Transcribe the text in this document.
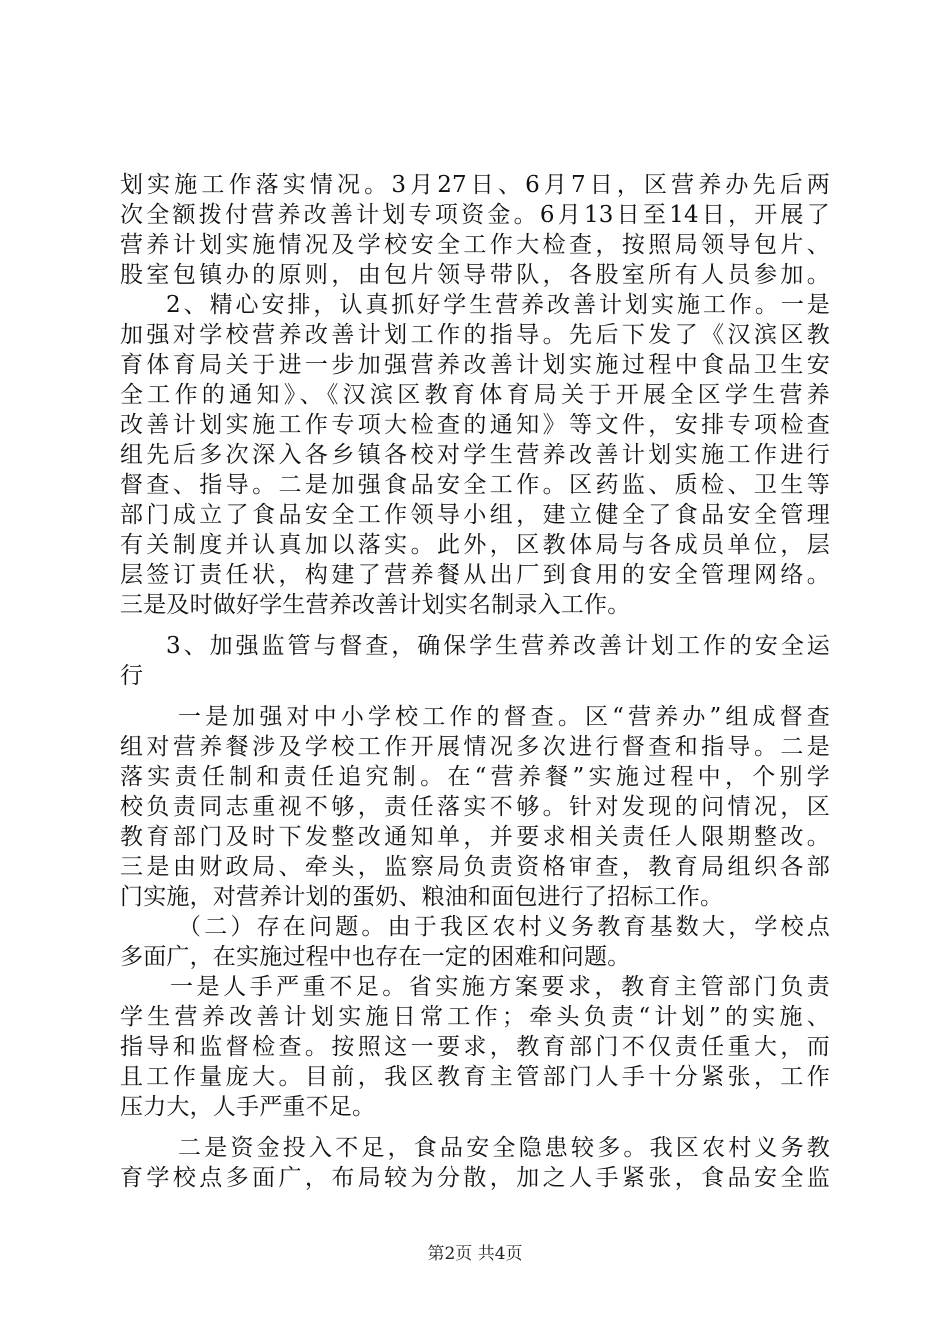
划实施工作落实情况。3月27日、6月7日，区营养办先后两
次全额拨付营养改善计划专项资金。6月13日至14日，开展了
营养计划实施情况及学校安全工作大检查，按照局领导包片、
股室包镇办的原则，由包片领导带队，各股室所有人员参加。
2、精心安排，认真抓好学生营养改善计划实施工作。一是
加强对学校营养改善计划工作的指导。先后下发了《汉滨区教
育体育局关于进一步加强营养改善计划实施过程中食品卫生安
全工作的通知》、《汉滨区教育体育局关于开展全区学生营养
改善计划实施工作专项大检查的通知》等文件，安排专项检查
组先后多次深入各乡镇各校对学生营养改善计划实施工作进行
督查、指导。二是加强食品安全工作。区药监、质检、卫生等
部门成立了食品安全工作领导小组，建立健全了食品安全管理
有关制度并认真加以落实。此外，区教体局与各成员单位，层
层签订责任状，构建了营养餐从出厂到食用的安全管理网络。
三是及时做好学生营养改善计划实名制录入工作。
3、加强监管与督查，确保学生营养改善计划工作的安全运
行
一是加强对中小学校工作的督查。区“营养办”组成督查
组对营养餐涉及学校工作开展情况多次进行督查和指导。二是
落实责任制和责任追究制。在“营养餐”实施过程中，个别学
校负责同志重视不够，责任落实不够。针对发现的问情况，区
教育部门及时下发整改通知单，并要求相关责任人限期整改。
三是由财政局、牵头，监察局负责资格审查，教育局组织各部
门实施，对营养计划的蛋奶、粮油和面包进行了招标工作。
（二）存在问题。由于我区农村义务教育基数大，学校点
多面广，在实施过程中也存在一定的困难和问题。
一是人手严重不足。省实施方案要求，教育主管部门负责
学生营养改善计划实施日常工作；牵头负责“计划”的实施、
指导和监督检查。按照这一要求，教育部门不仅责任重大，而
且工作量庞大。目前，我区教育主管部门人手十分紧张，工作
压力大，人手严重不足。
二是资金投入不足，食品安全隐患较多。我区农村义务教
育学校点多面广，布局较为分散，加之人手紧张，食品安全监
第2页 共4页
